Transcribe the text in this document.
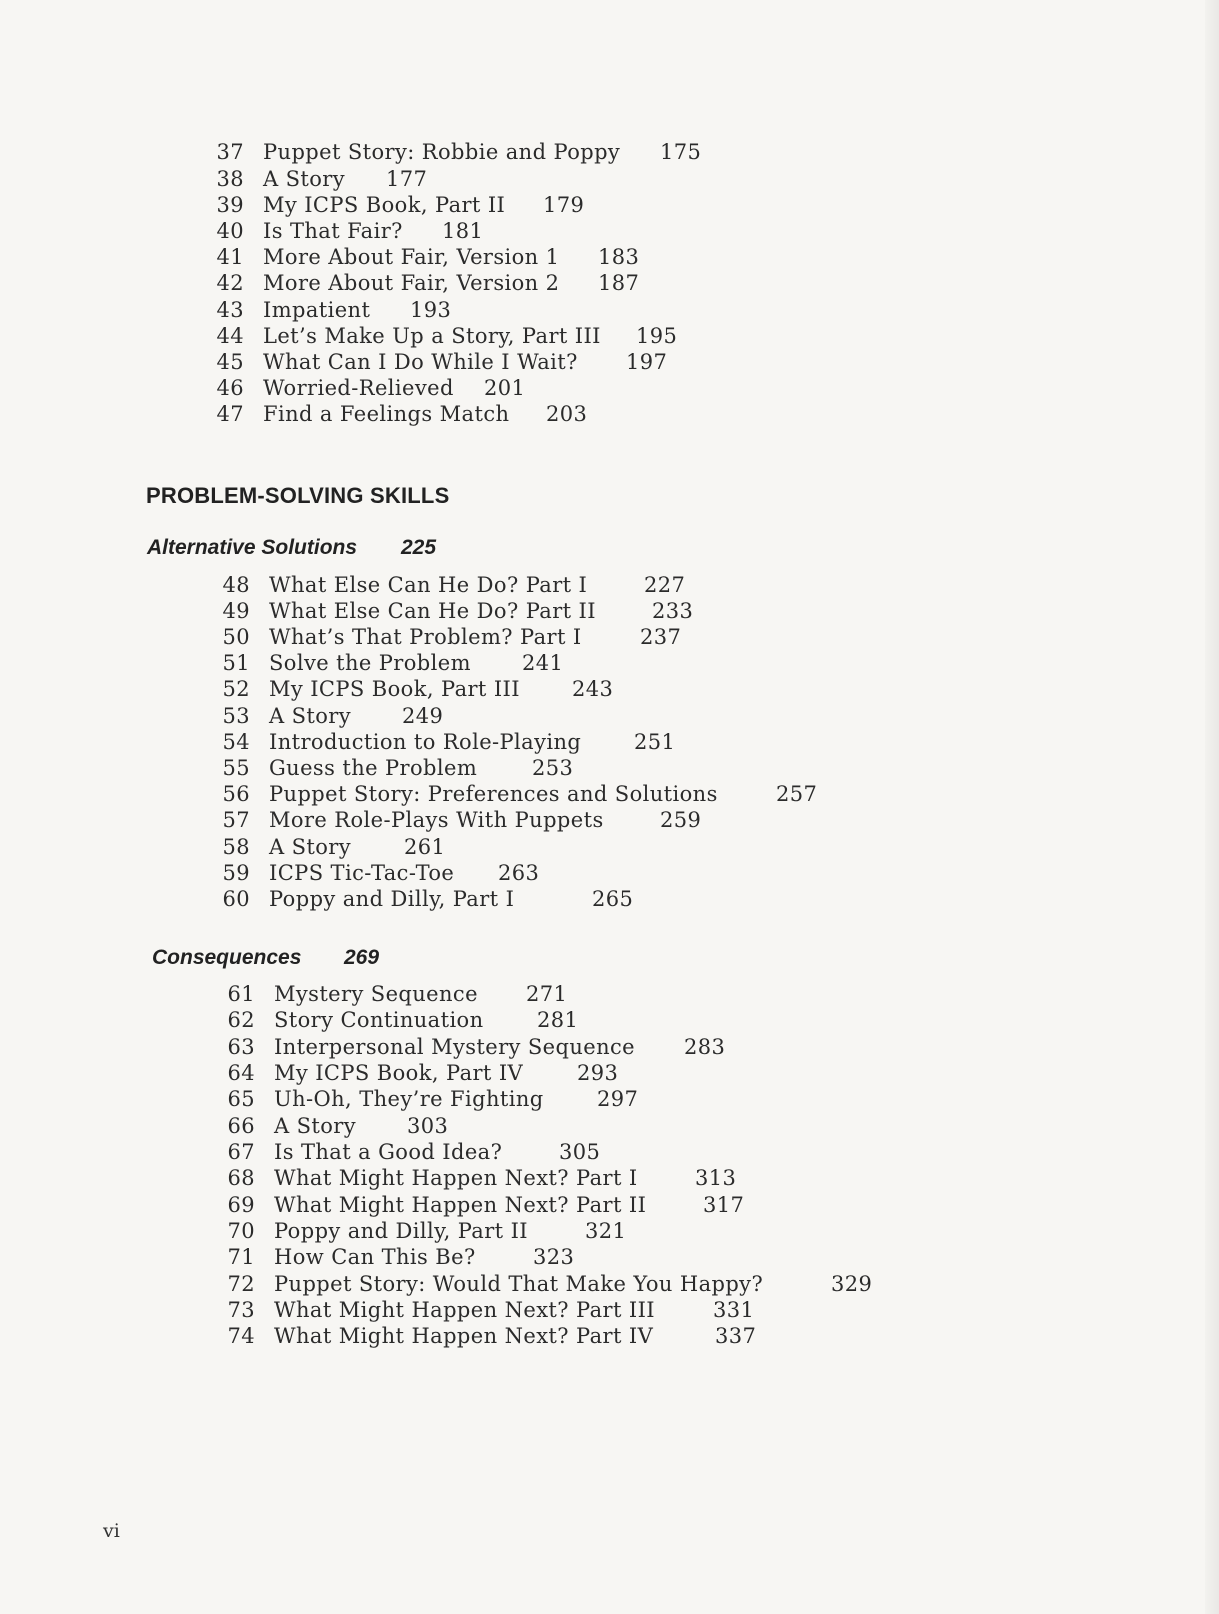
37 Puppet Story: Robbie and Poppy 175
38 A Story 177
39 My ICPS Book, Part II 179
40 Is That Fair? 181
41 More About Fair, Version 1 183
42 More About Fair, Version 2 187
43 Impatient 193
44 Let’s Make Up a Story, Part III 195
45 What Can I Do While I Wait? 197
46 Worried-Relieved 201
47 Find a Feelings Match 203
PROBLEM-SOLVING SKILLS
Alternative Solutions 225
48 What Else Can He Do? Part I	227
49 What Else Can He Do? Part II	233
50 What’s That Problem? Part I	237
51 Solve the Problem 241
52 My ICPS Book, Part III 243
53 A Story 249
54 Introduction to Role-Playing	251
55 Guess the Problem	253
56 Puppet Story: Preferences and Solutions	257
57 More Role-Plays With Puppets	259
58 A Story	261
59 ICPS Tic-Tac-Toe 263
60 Poppy and Dilly, Part I	265
Consequences 269
61 Mystery Sequence 271
62 Story Continuation	281
63 Interpersonal Mystery Sequence 283
64 My ICPS Book, Part IV	293
65 Uh-Oh, They’re Fighting	297
66 A Story 303
67 Is That a Good Idea?	305
68 What Might Happen Next? Part I	313
69 What Might Happen Next? Part II	317
70 Poppy and Dilly, Part II	321
71 How Can This Be?	323
72 Puppet Story: Would That Make You Happy?	329
73 What Might Happen Next? Part III	331
74 What Might Happen Next? Part IV	337
vi
